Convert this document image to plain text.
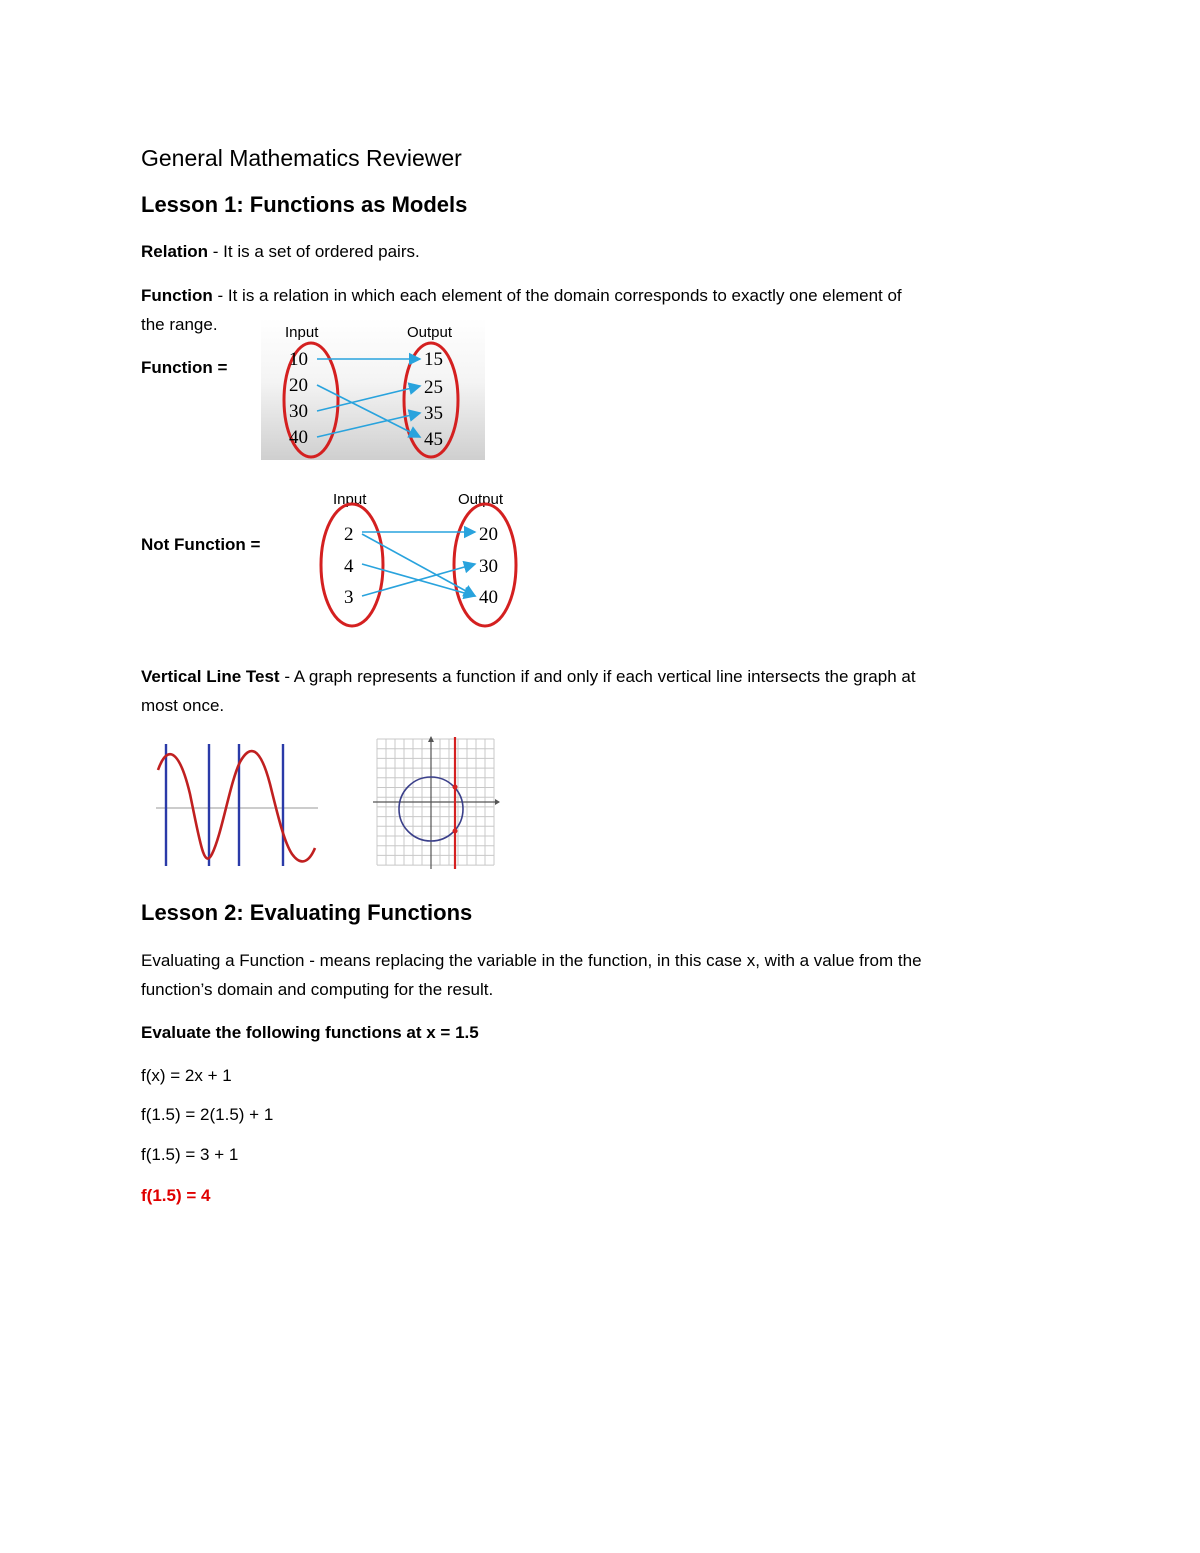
General Mathematics Reviewer
Lesson 1: Functions as Models
Relation - It is a set of ordered pairs.
Function - It is a relation in which each element of the domain corresponds to exactly one element of
the range.
Function =
Input	Output
10
20
30
40
15
25
35
45
Not Function =
Input	Output
2
4
3
20
30
40
Vertical Line Test - A graph represents a function if and only if each vertical line intersects the graph at
most once.
Lesson 2: Evaluating Functions
Evaluating a Function - means replacing the variable in the function, in this case x, with a value from the
function’s domain and computing for the result.
Evaluate the following functions at x = 1.5
f(x) = 2x + 1
f(1.5) = 2(1.5) + 1
f(1.5) = 3 + 1
f(1.5) = 4
